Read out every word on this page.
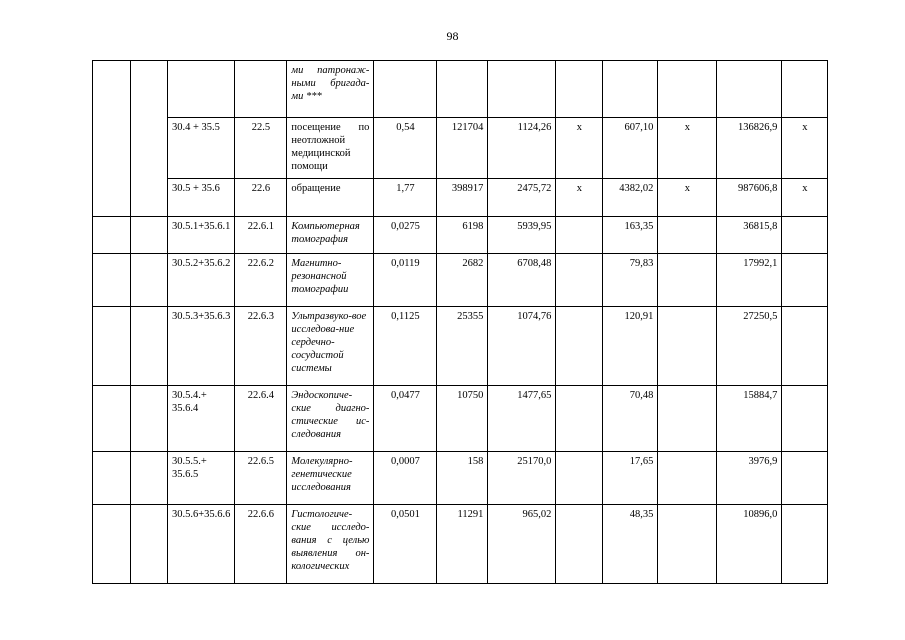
98
				ми патронаж-ными бригада-ми ***								
		30.4 + 35.5	22.5	посещение по неотложной медицинской помощи	0,54	121704	1124,26	x	607,10	x	136826,9	x
		30.5 + 35.6	22.6	обращение	1,77	398917	2475,72	x	4382,02	x	987606,8	x
		30.5.1+35.6.1	22.6.1	Компьютерная томография	0,0275	6198	5939,95		163,35		36815,8	
		30.5.2+35.6.2	22.6.2	Магнитно-резонансной томографии	0,0119	2682	6708,48		79,83		17992,1	
		30.5.3+35.6.3	22.6.3	Ультразвуко-вое исследова-ние сердечно-сосудистой системы	0,1125	25355	1074,76		120,91		27250,5	
		30.5.4.+ 35.6.4	22.6.4	Эндоскопиче-ские диагно-стические ис-следования	0,0477	10750	1477,65		70,48		15884,7	
		30.5.5.+ 35.6.5	22.6.5	Молекулярно-генетические исследования	0,0007	158	25170,0		17,65		3976,9	
		30.5.6+35.6.6	22.6.6	Гистологиче-ские исследо-вания с целью выявления он-кологических	0,0501	11291	965,02		48,35		10896,0	
